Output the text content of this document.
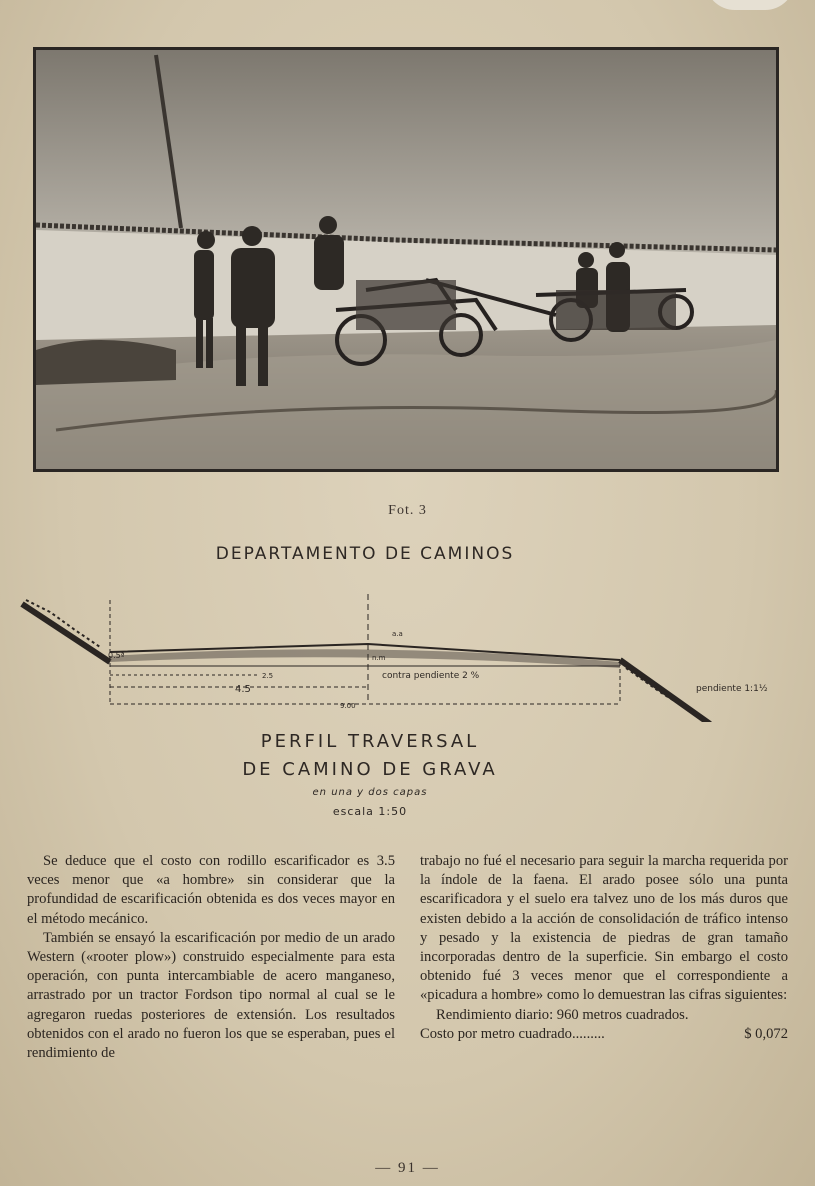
Fot. 3
DEPARTAMENTO DE CAMINOS
0.5ª
a.a
n.m
2.5
4.5
contra pendiente 2 %
pendiente 1:1½
9.00
PERFIL TRAVERSAL
DE CAMINO DE GRAVA
en una y dos capas
escala 1:50

Se deduce que el costo con rodillo escarificador es 3.5 veces menor que «a hombre» sin considerar que la profundidad de escarificación obtenida es dos veces mayor en el método mecánico.

También se ensayó la escarificación por medio de un arado Western («rooter plow») construido especialmente para esta operación, con punta intercambiable de acero manganeso, arrastrado por un tractor Fordson tipo normal al cual se le agregaron ruedas posteriores de extensión. Los resultados obtenidos con el arado no fueron los que se esperaban, pues el rendimiento de

trabajo no fué el necesario para seguir la marcha requerida por la índole de la faena. El arado posee sólo una punta escarificadora y el suelo era talvez uno de los más duros que existen debido a la acción de consolidación de tráfico intenso y pesado y la existencia de piedras de gran tamaño incorporadas dentro de la superficie. Sin embargo el costo obtenido fué 3 veces menor que el correspondiente a «picadura a hombre» como lo demuestran las cifras siguientes:

Rendimiento diario: 960 metros cuadrados.

Costo por metro cuadrado.........	$ 0,072

— 91 —
